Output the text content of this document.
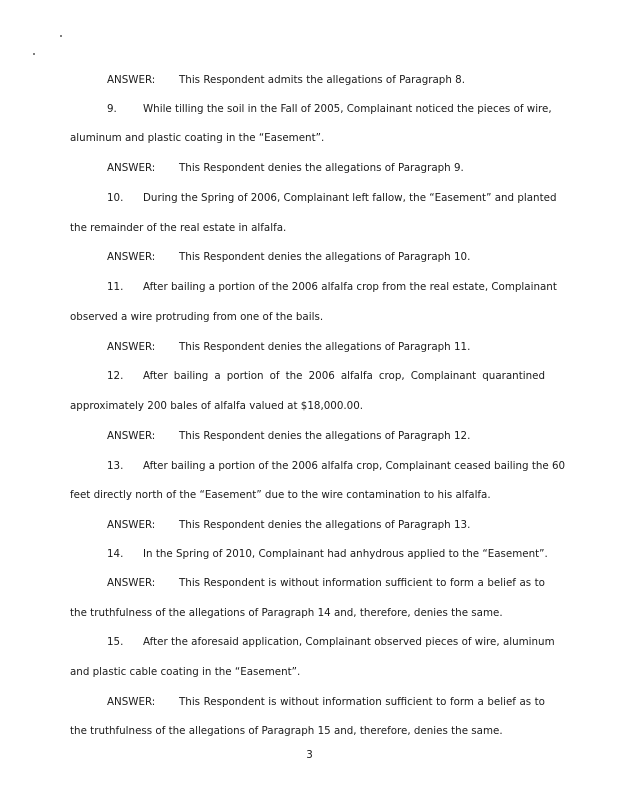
ANSWER: This Respondent admits the allegations of Paragraph 8.
9.	While tilling the soil in the Fall of 2005, Complainant noticed the pieces of wire,
aluminum and plastic coating in the “Easement”.
ANSWER: This Respondent denies the allegations of Paragraph 9.
10. During the Spring of 2006, Complainant left fallow, the “Easement” and planted
the remainder of the real estate in alfalfa.
ANSWER: This Respondent denies the allegations of Paragraph 10.
11. After bailing a portion of the 2006 alfalfa crop from the real estate, Complainant
observed a wire protruding from one of the bails.
ANSWER: This Respondent denies the allegations of Paragraph 11.
12. After bailing a portion of the 2006 alfalfa crop, Complainant quarantined
approximately 200 bales of alfalfa valued at $18,000.00.
ANSWER: This Respondent denies the allegations of Paragraph 12.
13. After bailing a portion of the 2006 alfalfa crop, Complainant ceased bailing the 60
feet directly north of the “Easement” due to the wire contamination to his alfalfa.
ANSWER: This Respondent denies the allegations of Paragraph 13.
14. In the Spring of 2010, Complainant had anhydrous applied to the “Easement”.
ANSWER: This Respondent is without information sufficient to form a belief as to
the truthfulness of the allegations of Paragraph 14 and, therefore, denies the same.
15. After the aforesaid application, Complainant observed pieces of wire, aluminum
and plastic cable coating in the “Easement”.
ANSWER: This Respondent is without information sufficient to form a belief as to
the truthfulness of the allegations of Paragraph 15 and, therefore, denies the same.
3
